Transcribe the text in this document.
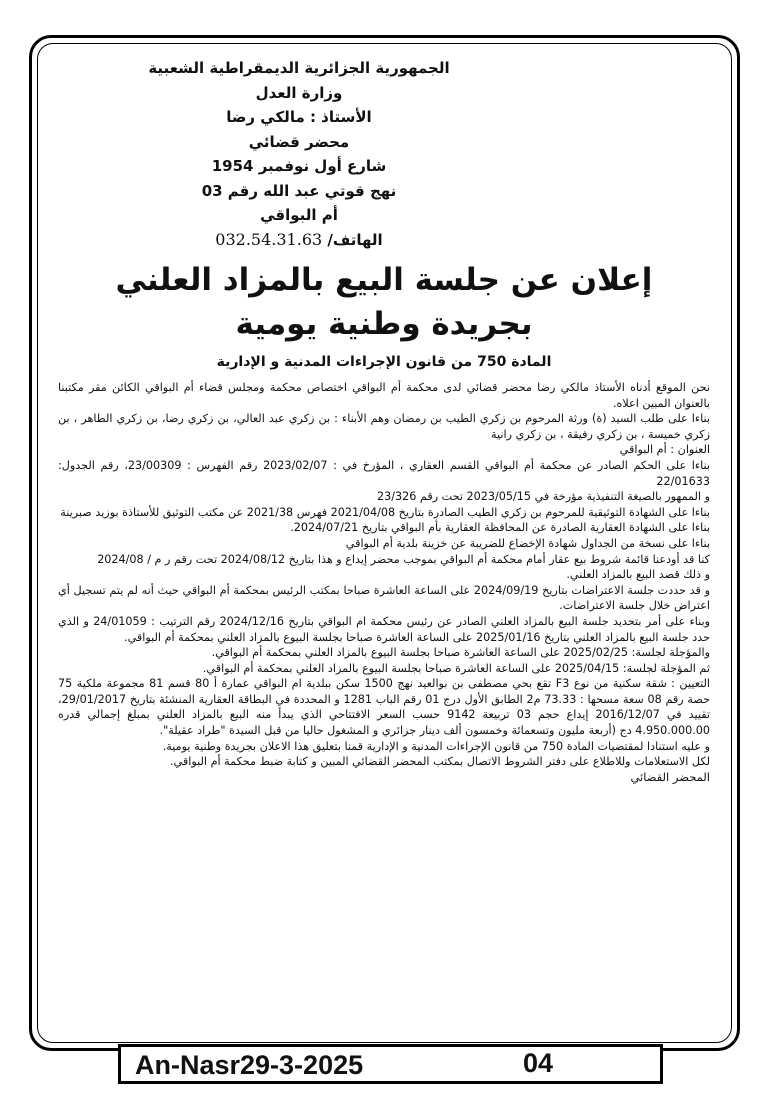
الجمهورية الجزائرية الديمقراطية الشعبية
وزارة العدل
الأستاذ : مالكي رضا
محضر قضائي
شارع أول نوفمبر 1954
نهج قوتي عبد الله رقم 03
أم البواقي
الهاتف/ 032.54.31.63
إعلان عن جلسة البيع بالمزاد العلني
بجريدة وطنية يومية
المادة 750 من قانون الإجراءات المدنية و الإدارية

نحن الموقع أدناه الأستاذ مالكي رضا محضر قضائي لدى محكمة أم البواقي اختصاص محكمة ومجلس قضاء أم البواقي الكائن مقر مكتبنا بالعنوان المبين اعلاه.

بناءا على طلب السيد (ة) ورثة المرحوم بن زكري الطيب بن رمضان وهم الأبناء : بن زكري عبد العالي، بن زكري رضا، بن زكري الطاهر ، بن زكري خميسة ، بن زكري رفيقة ، بن زكري رانية

العنوان : أم البواقي

بناءا على الحكم الصادر عن محكمة أم البواقي القسم العقاري ، المؤرخ في : 2023/02/07 رقم الفهرس : 23/00309، رقم الجدول: 22/01633

و الممهور بالصيغة التنفيذية مؤرخة في 2023/05/15 تحت رقم 23/326

بناءا على الشهادة التوثيقية للمرحوم بن زكري الطيب الصادرة بتاريخ 2021/04/08 فهرس 2021/38 عن مكتب التوثيق للأستاذة بوزيد صبرينة

بناءا على الشهادة العقارية الصادرة عن المحافظة العقارية بأم البواقي بتاريخ 2024/07/21.

بناءا على نسخة من الجداول شهادة الإخضاع للضريبة عن خزينة بلدية أم البواقي

كنا قد أودعنا قائمة شروط بيع عقار أمام محكمة أم البواقي بموجب محضر إيداع و هذا بتاريخ 2024/08/12 تحت رقم ر م / 2024/08

و ذلك قصد البيع بالمزاد العلني.

و قد حددت جلسة الاعتراضات بتاريخ 2024/09/19 على الساعة العاشرة صباحا بمكتب الرئيس بمحكمة أم البواقي حيث أنه لم يتم تسجيل أي اعتراض خلال جلسة الاعتراضات.

وبناء على أمر بتحديد جلسة البيع بالمزاد العلني الصادر عن رئيس محكمة ام البواقي بتاريخ 2024/12/16 رقم الترتيب : 24/01059 و الذي حدد جلسة البيع بالمزاد العلني بتاريخ 2025/01/16 على الساعة العاشرة صباحا بجلسة البيوع بالمزاد العلني بمحكمة أم البواقي.

والمؤجلة لجلسة: 2025/02/25 على الساعة العاشرة صباحا بجلسة البيوع بالمزاد العلني بمحكمة أم البواقي.

ثم المؤجلة لجلسة: 2025/04/15 على الساعة العاشرة صباحا بجلسة البيوع بالمزاد العلني بمحكمة أم البواقي.

التعيين : شقة سكنية من نوع F3 تقع بحي مصطفى بن بوالعيد نهج 1500 سكن ببلدية ام البواقي عمارة أ 80 قسم 81 مجموعة ملكية 75 حصة رقم 08 سعة مسحها : 73.33 م2 الطابق الأول درج 01 رقم الباب 1281 و المحددة في البطاقة العقارية المنشئة بتاريخ 29/01/2017، تقييد في 2016/12/07 إيداع حجم 03 تربيعة 9142 حسب السعر الافتتاحي الذي يبدأ منه البيع بالمزاد العلني بمبلغ إجمالي قدره 4.950.000.00 دج (أربعة مليون وتسعمائة وخمسون ألف دينار جزائري و المشغول حاليا من قبل السيدة "طراد عقيلة".

و عليه استنادا لمقتضيات المادة 750 من قانون الإجراءات المدنية و الإدارية قمنا بتعليق هذا الاعلان بجريدة وطنية يومية.

لكل الاستعلامات وللاطلاع على دفتر الشروط الاتصال بمكتب المحضر القضائي المبين و كتابة ضبط محكمة أم البواقي.

المحضر القضائي

An-Nasr29-3-2025	04
